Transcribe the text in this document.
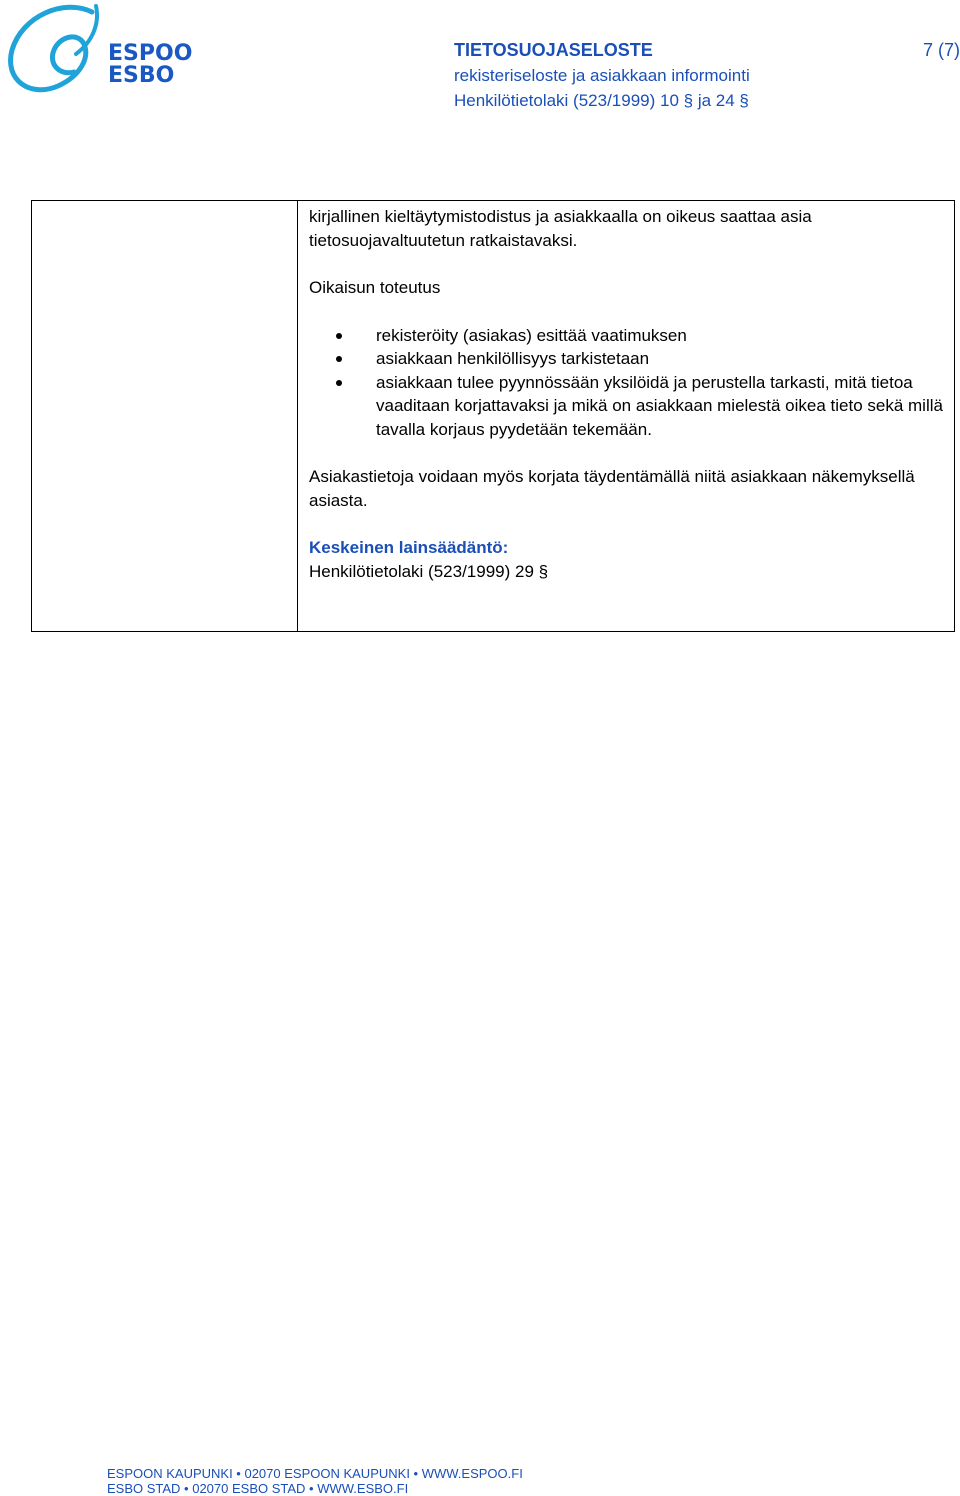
ESPOO
ESBO
TIETOSUOJASELOSTE	7 (7)
rekisteriseloste ja asiakkaan informointi
Henkilötietolaki (523/1999) 10 § ja 24 §

kirjallinen kieltäytymistodistus ja asiakkaalla on oikeus saattaa asia tietosuojavaltuutetun ratkaistavaksi.

Oikaisun toteutus

rekisteröity (asiakas) esittää vaatimuksen
asiakkaan henkilöllisyys tarkistetaan
asiakkaan tulee pyynnössään yksilöidä ja perustella tarkasti, mitä tietoa vaaditaan korjattavaksi ja mikä on asiakkaan mielestä oikea tieto sekä millä tavalla korjaus pyydetään tekemään.

Asiakastietoja voidaan myös korjata täydentämällä niitä asiakkaan näkemyksellä asiasta.

Keskeinen lainsäädäntö:

Henkilötietolaki (523/1999) 29 §

ESPOON KAUPUNKI • 02070 ESPOON KAUPUNKI • WWW.ESPOO.FI
ESBO STAD • 02070 ESBO STAD • WWW.ESBO.FI
